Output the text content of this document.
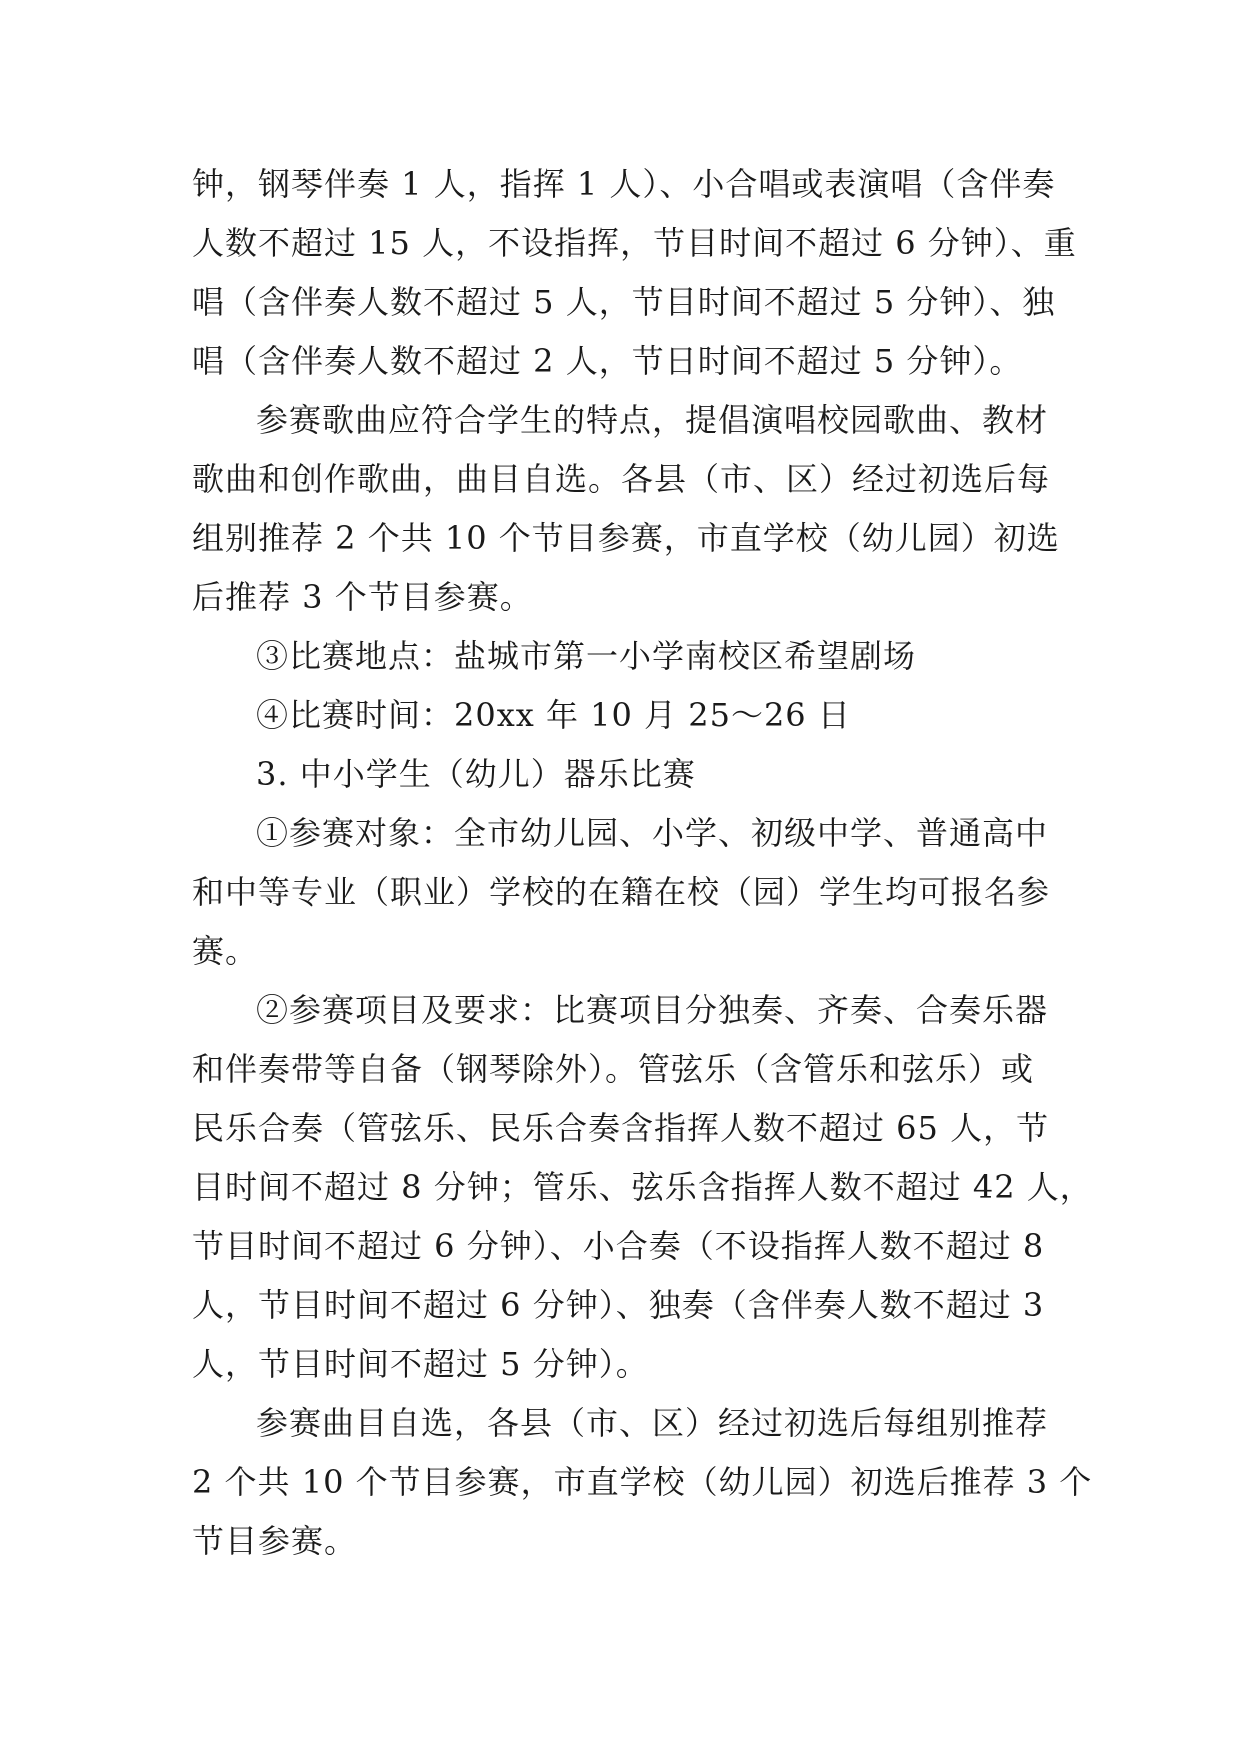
钟，钢琴伴奏 1 人，指挥 1 人）、小合唱或表演唱（含伴奏
人数不超过 15 人，不设指挥，节目时间不超过 6 分钟）、重
唱（含伴奏人数不超过 5 人，节目时间不超过 5 分钟）、独
唱（含伴奏人数不超过 2 人，节日时间不超过 5 分钟）。
参赛歌曲应符合学生的特点，提倡演唱校园歌曲、教材
歌曲和创作歌曲，曲目自选。各县（市、区）经过初选后每
组别推荐 2 个共 10 个节目参赛，市直学校（幼儿园）初选
后推荐 3 个节目参赛。
③比赛地点：盐城市第一小学南校区希望剧场
④比赛时间：20xx 年 10 月 25～26 日
3. 中小学生（幼儿）器乐比赛
①参赛对象：全市幼儿园、小学、初级中学、普通高中
和中等专业（职业）学校的在籍在校（园）学生均可报名参
赛。
②参赛项目及要求：比赛项目分独奏、齐奏、合奏乐器
和伴奏带等自备（钢琴除外）。管弦乐（含管乐和弦乐）或
民乐合奏（管弦乐、民乐合奏含指挥人数不超过 65 人，节
目时间不超过 8 分钟；管乐、弦乐含指挥人数不超过 42 人，
节目时间不超过 6 分钟）、小合奏（不设指挥人数不超过 8
人，节目时间不超过 6 分钟）、独奏（含伴奏人数不超过 3
人，节目时间不超过 5 分钟）。
参赛曲目自选，各县（市、区）经过初选后每组别推荐
2 个共 10 个节目参赛，市直学校（幼儿园）初选后推荐 3 个
节目参赛。
